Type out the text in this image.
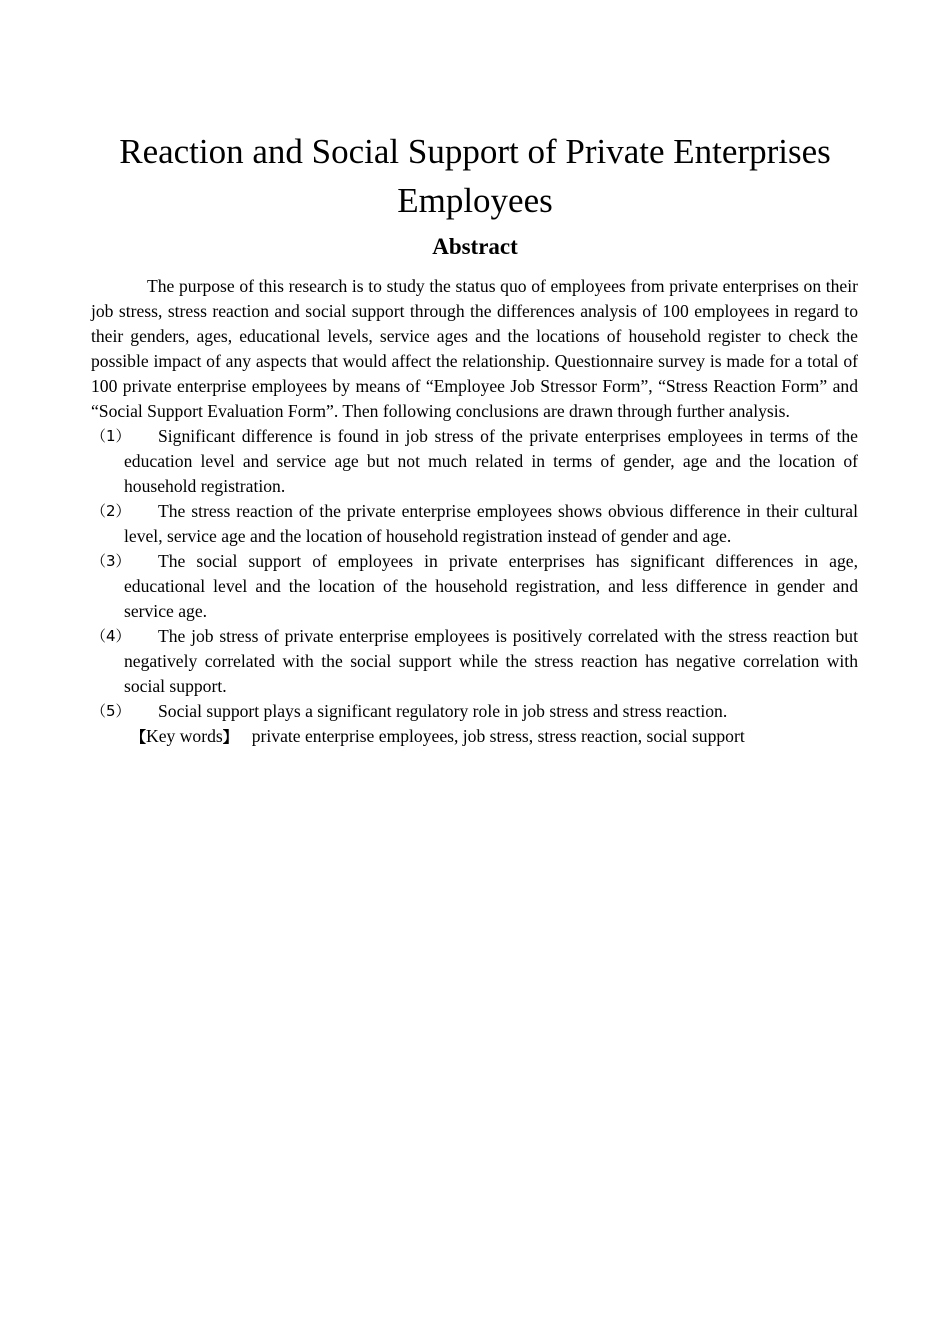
Reaction and Social Support of Private Enterprises Employees
Abstract

The purpose of this research is to study the status quo of employees from private enterprises on their job stress, stress reaction and social support through the differences analysis of 100 employees in regard to their genders, ages, educational levels, service ages and the locations of household register to check the possible impact of any aspects that would affect the relationship. Questionnaire survey is made for a total of 100 private enterprise employees by means of “Employee Job Stressor Form”, “Stress Reaction Form” and “Social Support Evaluation Form”. Then following conclusions are drawn through further analysis.

（1）	Significant difference is found in job stress of the private enterprises employees in terms of the education level and service age but not much related in terms of gender, age and the location of household registration.
（2）	The stress reaction of the private enterprise employees shows obvious difference in their cultural level, service age and the location of household registration instead of gender and age.
（3）	The social support of employees in private enterprises has significant differences in age, educational level and the location of the household registration, and less difference in gender and service age.
（4）	The job stress of private enterprise employees is positively correlated with the stress reaction but negatively correlated with the social support while the stress reaction has negative correlation with social support.
（5）	Social support plays a significant regulatory role in job stress and stress reaction.

【Key words】 private enterprise employees, job stress, stress reaction, social support
